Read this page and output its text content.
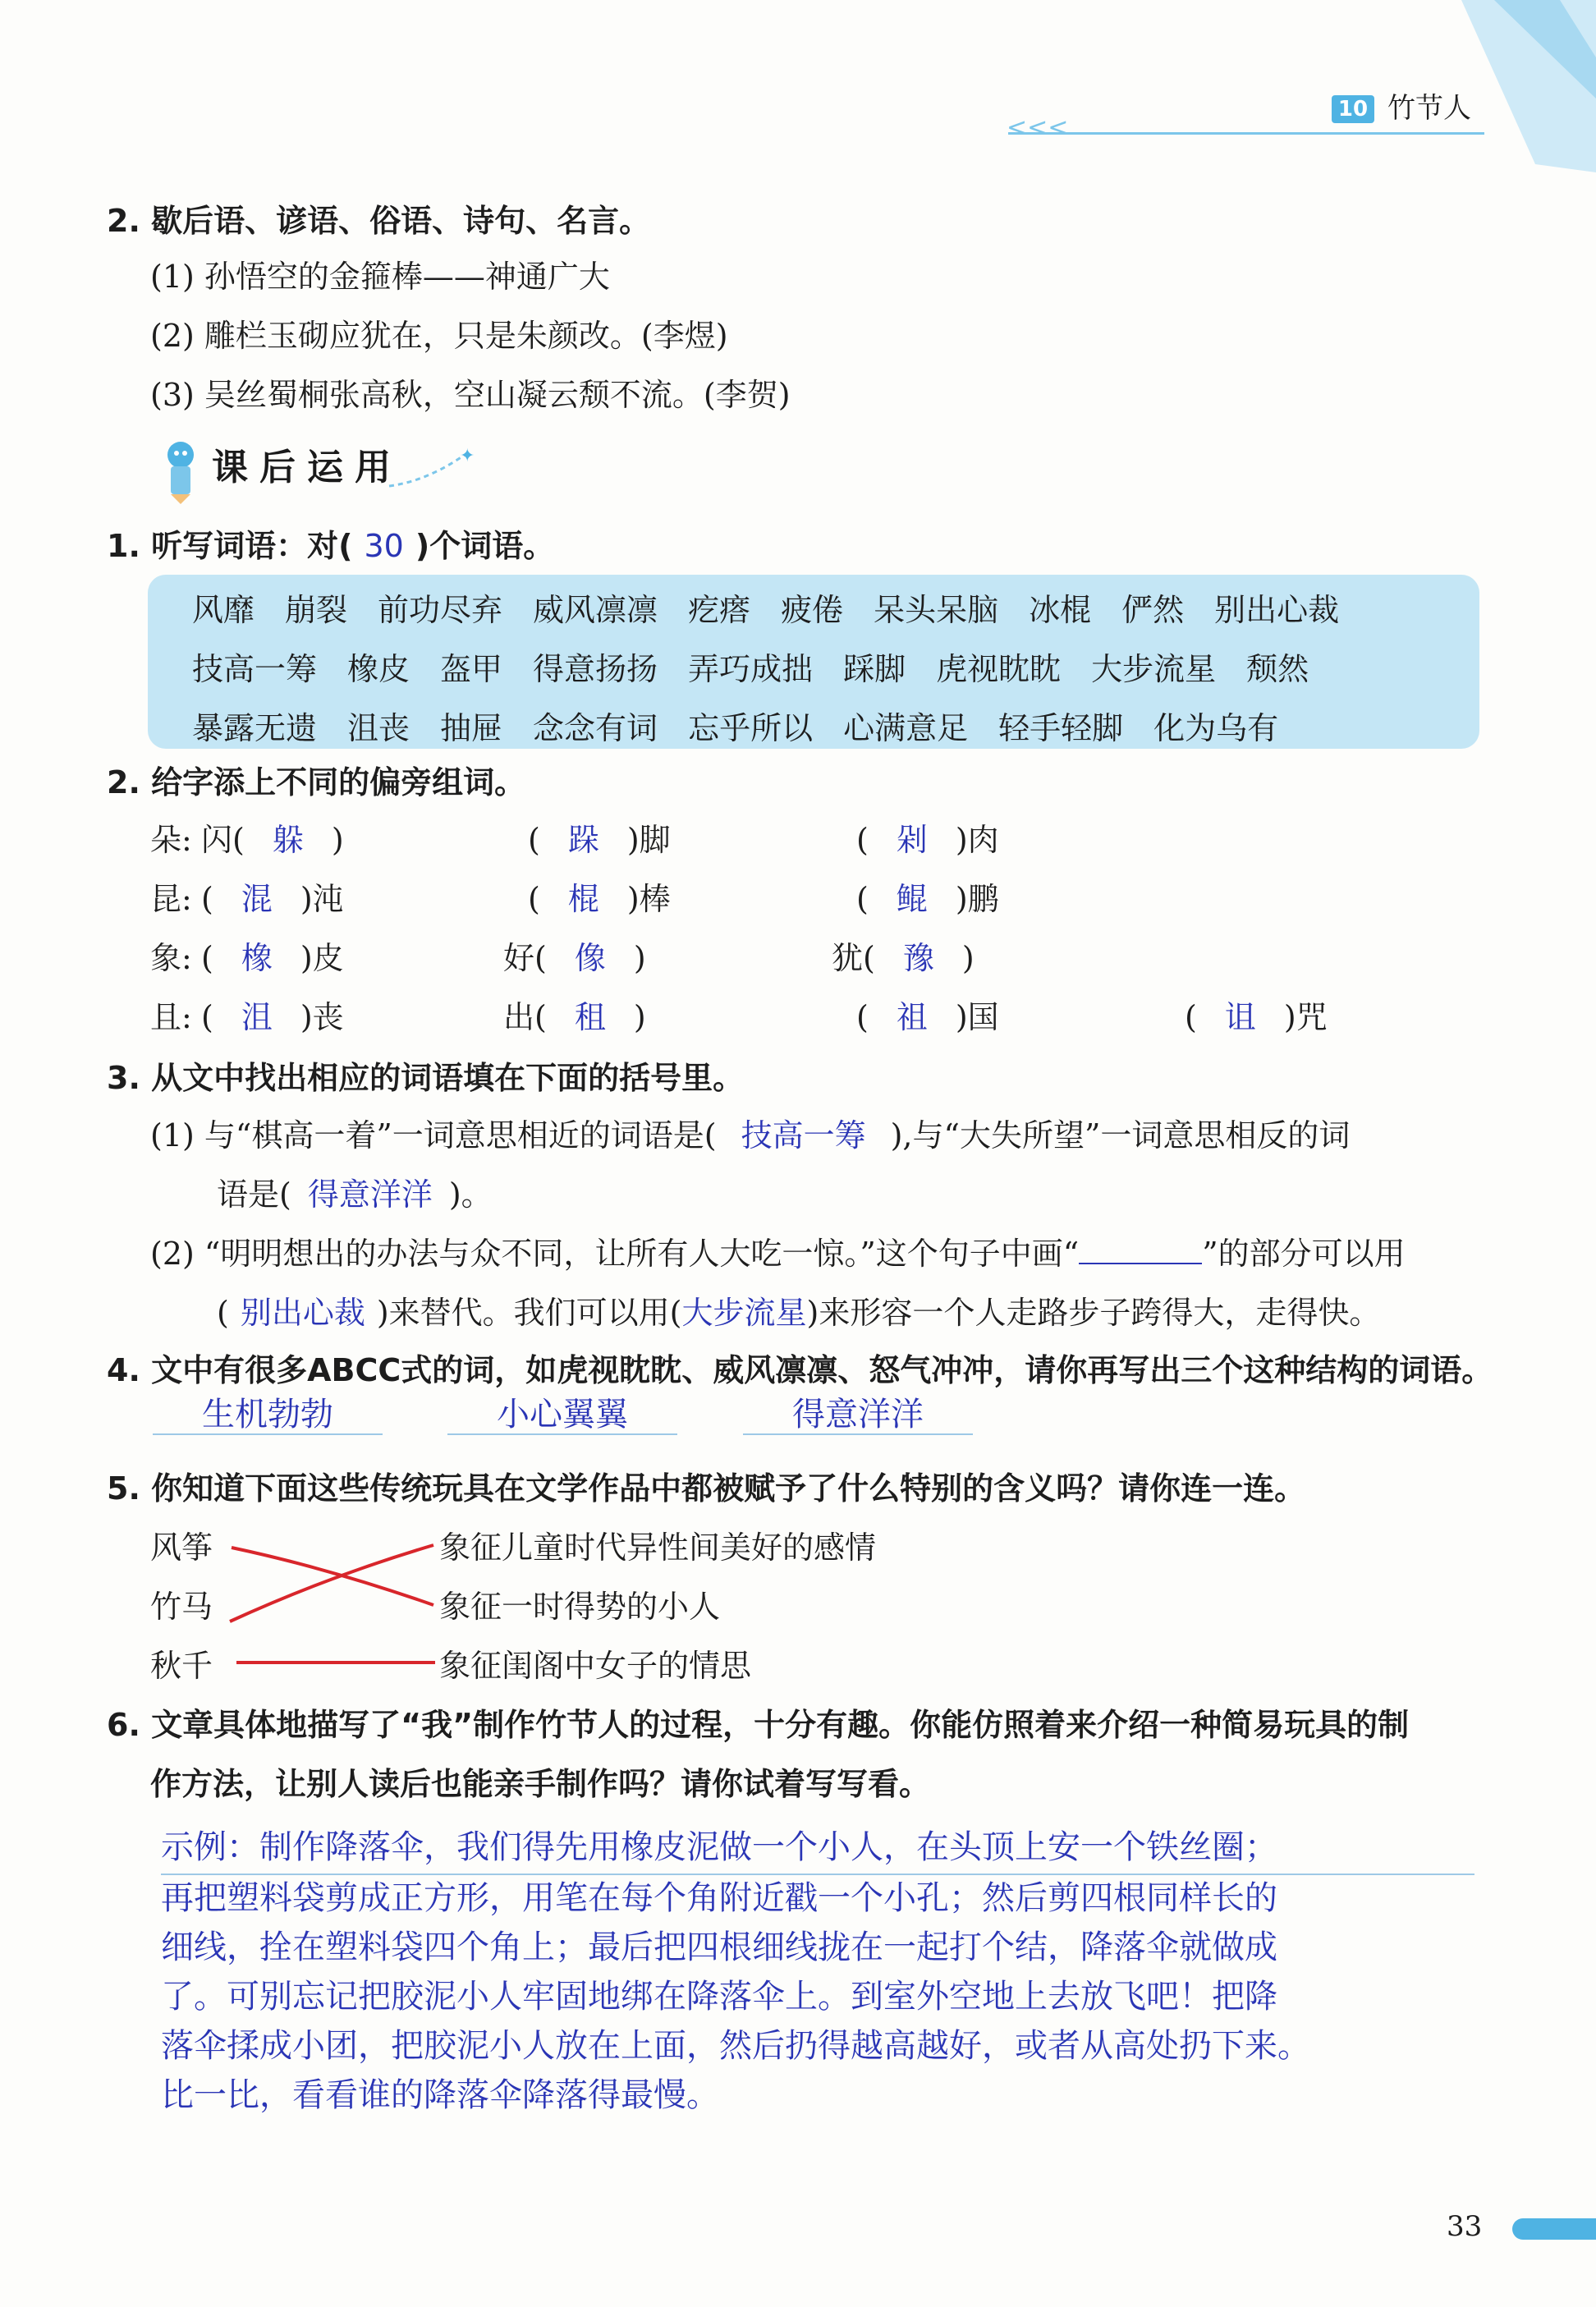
10 竹节人
<<<
2. 歇后语、谚语、俗语、诗句、名言。
(1) 孙悟空的金箍棒——神通广大
(2) 雕栏玉砌应犹在，只是朱颜改。(李煜)
(3) 吴丝蜀桐张高秋，空山凝云颓不流。(李贺)
课后运用	✦
1. 听写词语：对( 30 )个词语。
风靡 崩裂 前功尽弃 威风凛凛 疙瘩 疲倦 呆头呆脑 冰棍 俨然 别出心裁
技高一筹 橡皮 盔甲 得意扬扬 弄巧成拙 踩脚 虎视眈眈 大步流星 颓然
暴露无遗 沮丧 抽屉 念念有词 忘乎所以 心满意足 轻手轻脚 化为乌有
2. 给字添上不同的偏旁组词。
朵: 闪( 躲 )	( 跺 )脚	( 剁 )肉
昆: ( 混 )沌	( 棍 )棒	( 鲲 )鹏
象: ( 橡 )皮	好( 像 )	犹( 豫 )
且: ( 沮 )丧	出( 租 )	( 祖 )国	( 诅 )咒
3. 从文中找出相应的词语填在下面的括号里。
(1) 与“棋高一着”一词意思相近的词语是( 技高一筹 ),与“大失所望”一词意思相反的词
语是( 得意洋洋 )。
(2) “明明想出的办法与众不同，让所有人大吃一惊。”这个句子中画“	”的部分可以用
( 别出心裁 )来替代。我们可以用(大步流星)来形容一个人走路步子跨得大，走得快。
4. 文中有很多ABCC式的词，如虎视眈眈、威风凛凛、怒气冲冲，请你再写出三个这种结构的词语。
生机勃勃	小心翼翼	得意洋洋
5. 你知道下面这些传统玩具在文学作品中都被赋予了什么特别的含义吗？请你连一连。
风筝
竹马
秋千
象征儿童时代异性间美好的感情
象征一时得势的小人
象征闺阁中女子的情思
6. 文章具体地描写了“我”制作竹节人的过程，十分有趣。你能仿照着来介绍一种简易玩具的制
作方法，让别人读后也能亲手制作吗？请你试着写写看。
示例：制作降落伞，我们得先用橡皮泥做一个小人，在头顶上安一个铁丝圈；
再把塑料袋剪成正方形，用笔在每个角附近戳一个小孔；然后剪四根同样长的
细线，拴在塑料袋四个角上；最后把四根细线拢在一起打个结，降落伞就做成
了。可别忘记把胶泥小人牢固地绑在降落伞上。到室外空地上去放飞吧！把降
落伞揉成小团，把胶泥小人放在上面，然后扔得越高越好，或者从高处扔下来。
比一比，看看谁的降落伞降落得最慢。
33
